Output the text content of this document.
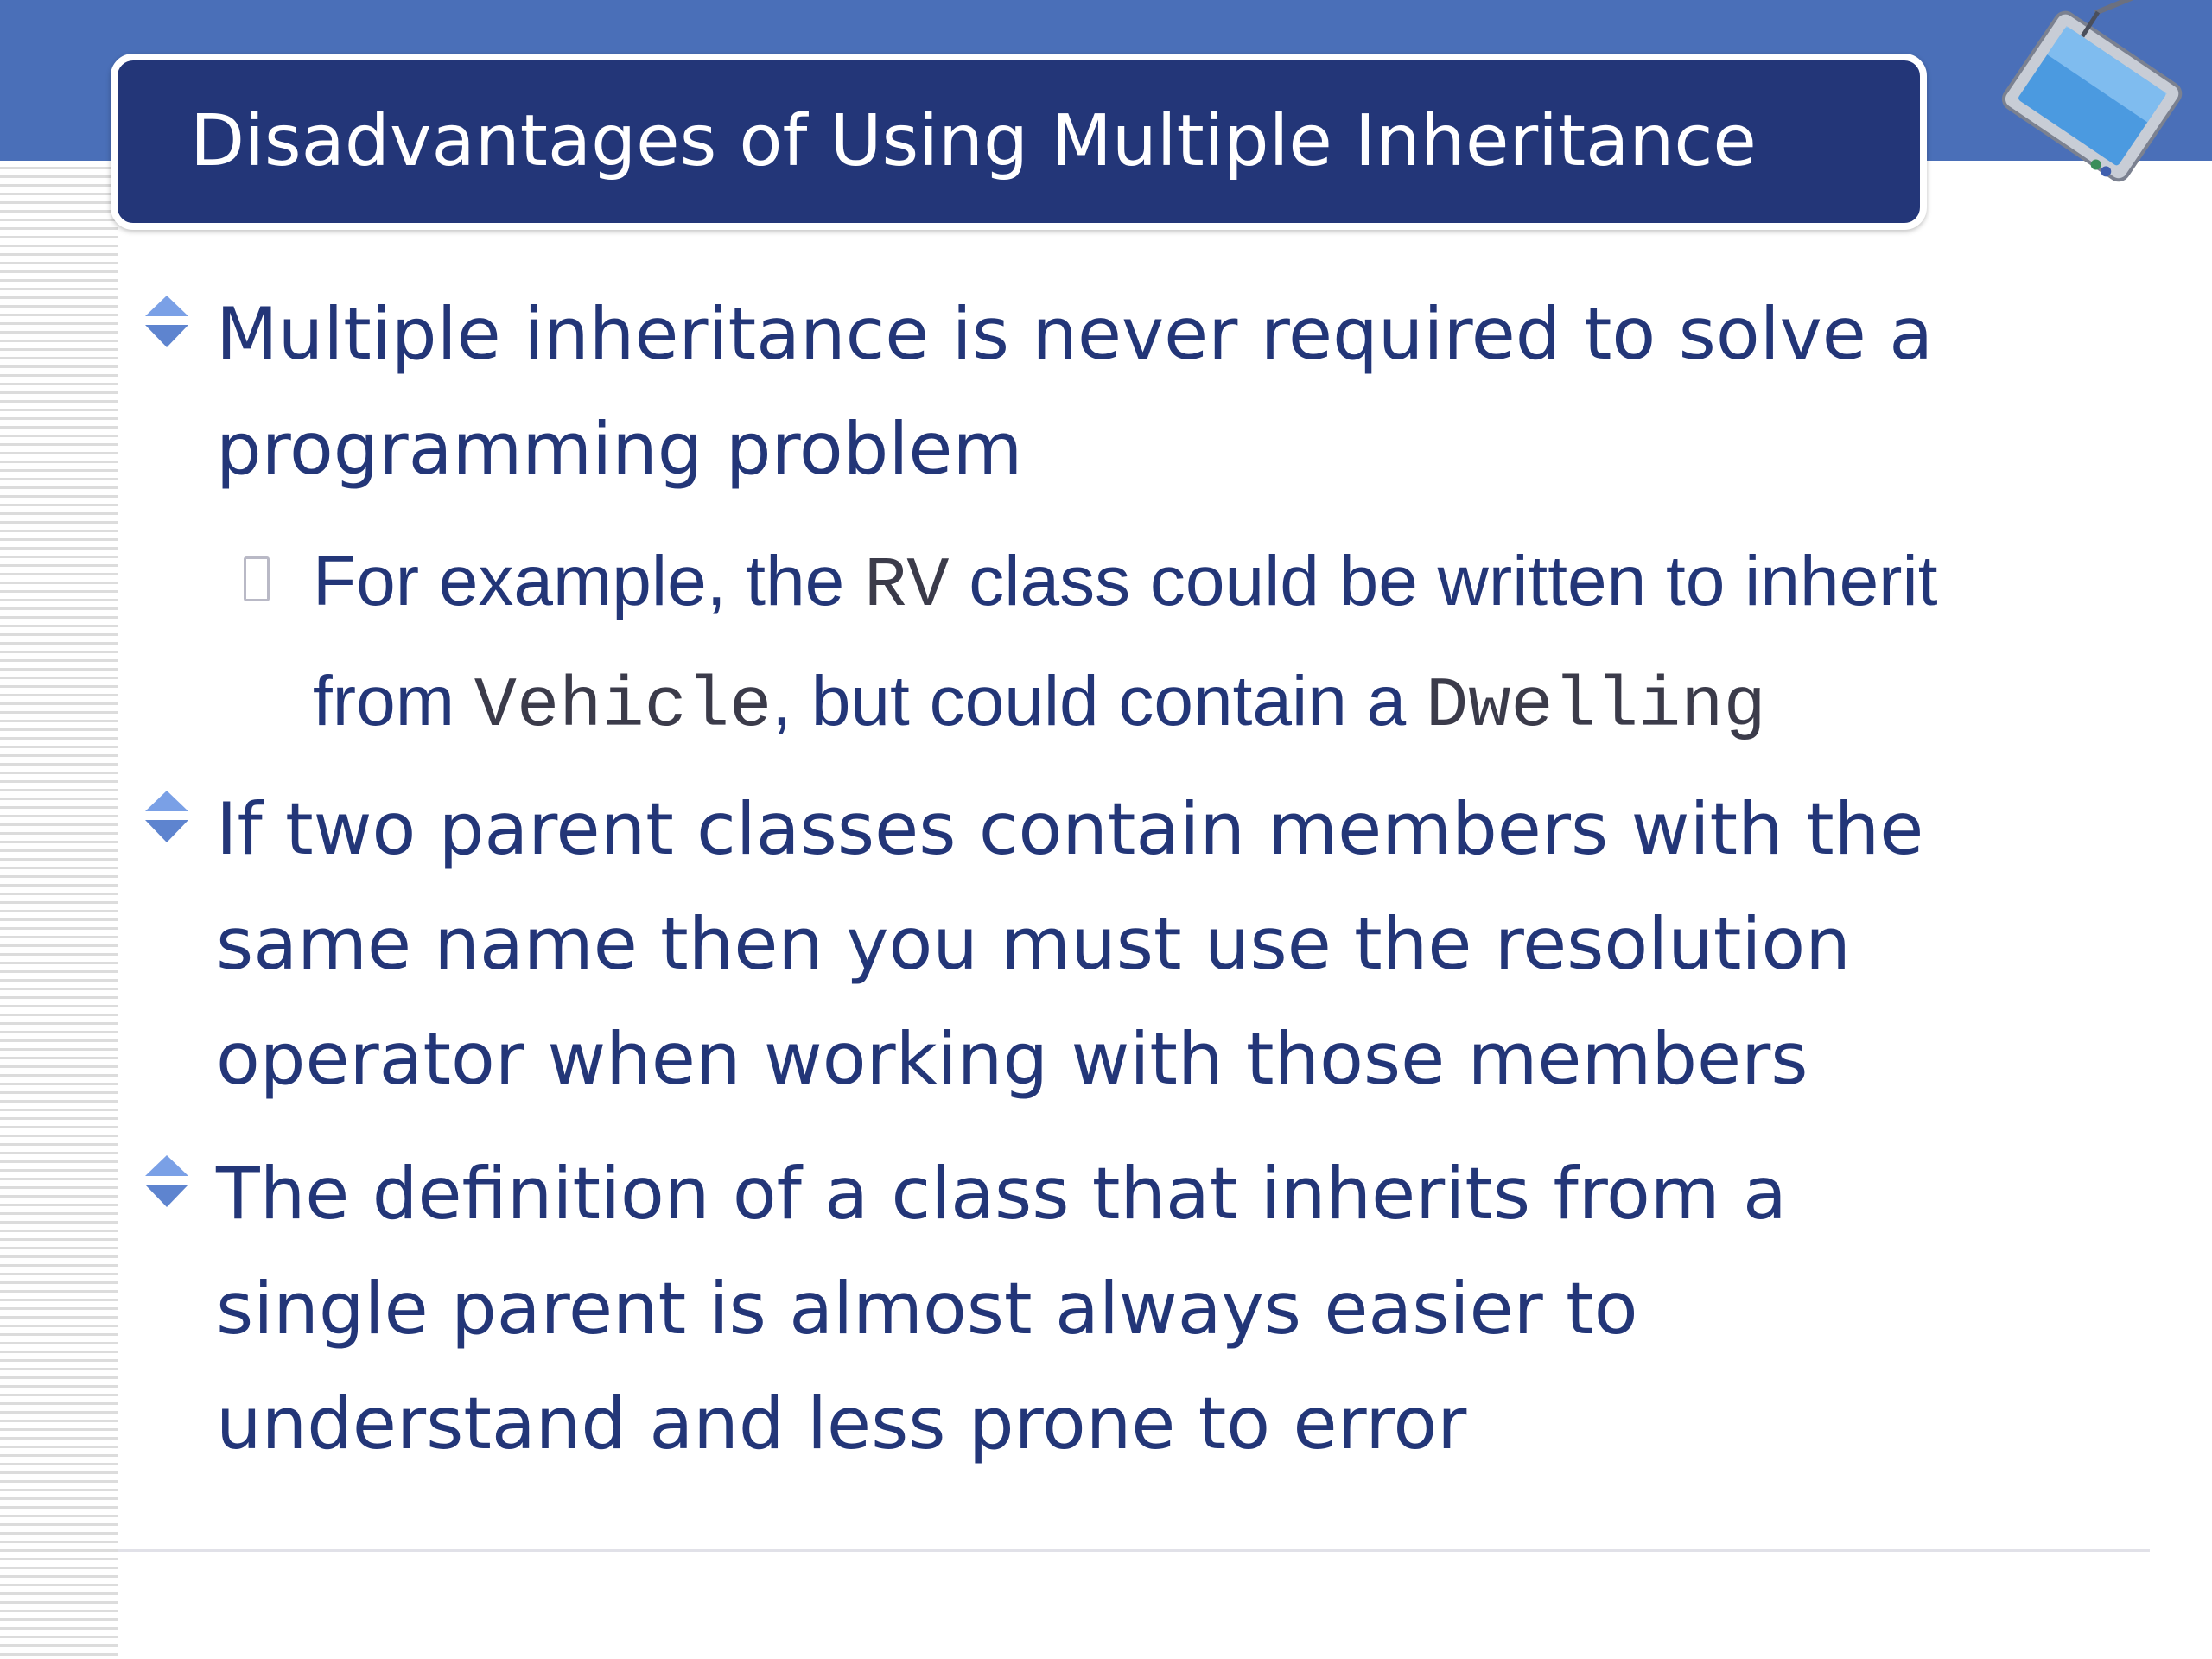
Disadvantages of Using Multiple Inheritance

Multiple inheritance is never required to solve a
programming problem

For example, the RV class could be written to inherit
from Vehicle, but could contain a Dwelling

If two parent classes contain members with the
same name then you must use the resolution
operator when working with those members

The definition of a class that inherits from a
single parent is almost always easier to
understand and less prone to error
